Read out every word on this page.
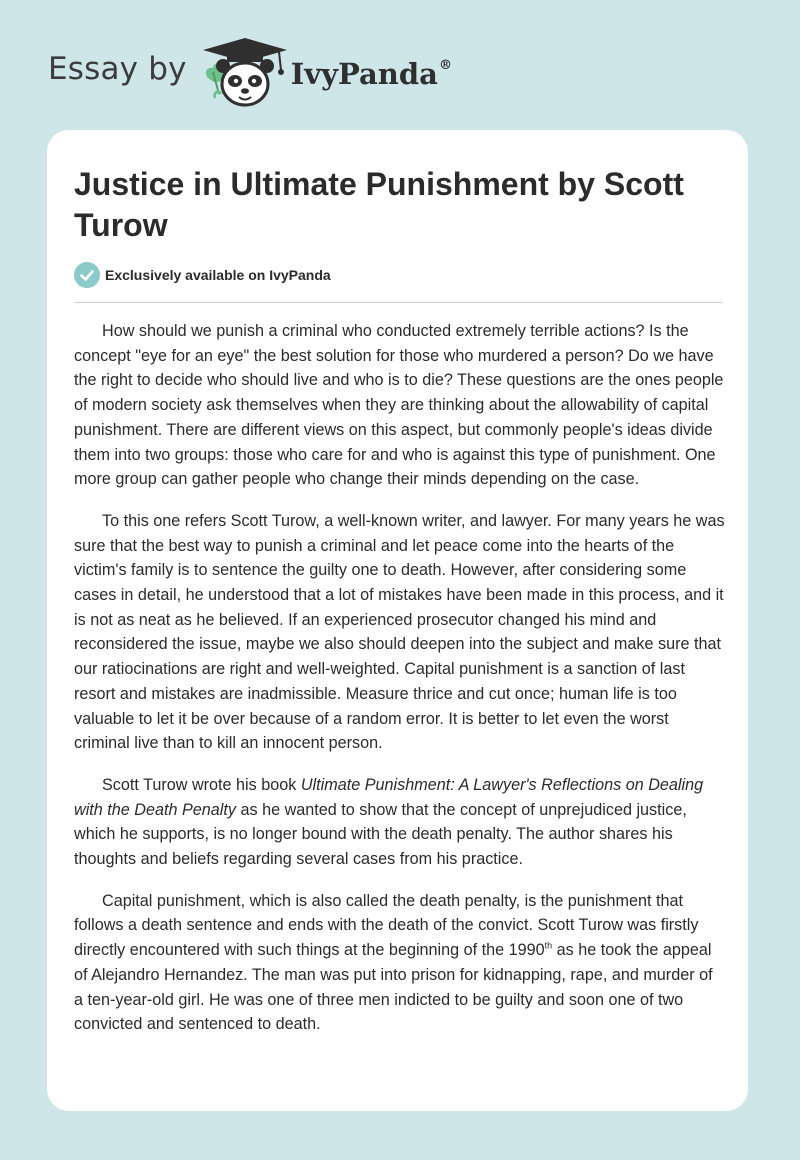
Essay by	IvyPanda®
Justice in Ultimate Punishment by Scott Turow
Exclusively available on IvyPanda

How should we punish a criminal who conducted extremely terrible actions? Is the concept "eye for an eye" the best solution for those who murdered a person? Do we have the right to decide who should live and who is to die? These questions are the ones people of modern society ask themselves when they are thinking about the allowability of capital punishment. There are different views on this aspect, but commonly people's ideas divide them into two groups: those who care for and who is against this type of punishment. One more group can gather people who change their minds depending on the case.

To this one refers Scott Turow, a well-known writer, and lawyer. For many years he was sure that the best way to punish a criminal and let peace come into the hearts of the victim's family is to sentence the guilty one to death. However, after considering some cases in detail, he understood that a lot of mistakes have been made in this process, and it is not as neat as he believed. If an experienced prosecutor changed his mind and reconsidered the issue, maybe we also should deepen into the subject and make sure that our ratiocinations are right and well-weighted. Capital punishment is a sanction of last resort and mistakes are inadmissible. Measure thrice and cut once; human life is too valuable to let it be over because of a random error. It is better to let even the worst criminal live than to kill an innocent person.

Scott Turow wrote his book Ultimate Punishment: A Lawyer's Reflections on Dealing with the Death Penalty as he wanted to show that the concept of unprejudiced justice, which he supports, is no longer bound with the death penalty. The author shares his thoughts and beliefs regarding several cases from his practice.

Capital punishment, which is also called the death penalty, is the punishment that follows a death sentence and ends with the death of the convict. Scott Turow was firstly directly encountered with such things at the beginning of the 1990th as he took the appeal of Alejandro Hernandez. The man was put into prison for kidnapping, rape, and murder of a ten-year-old girl. He was one of three men indicted to be guilty and soon one of two convicted and sentenced to death.
